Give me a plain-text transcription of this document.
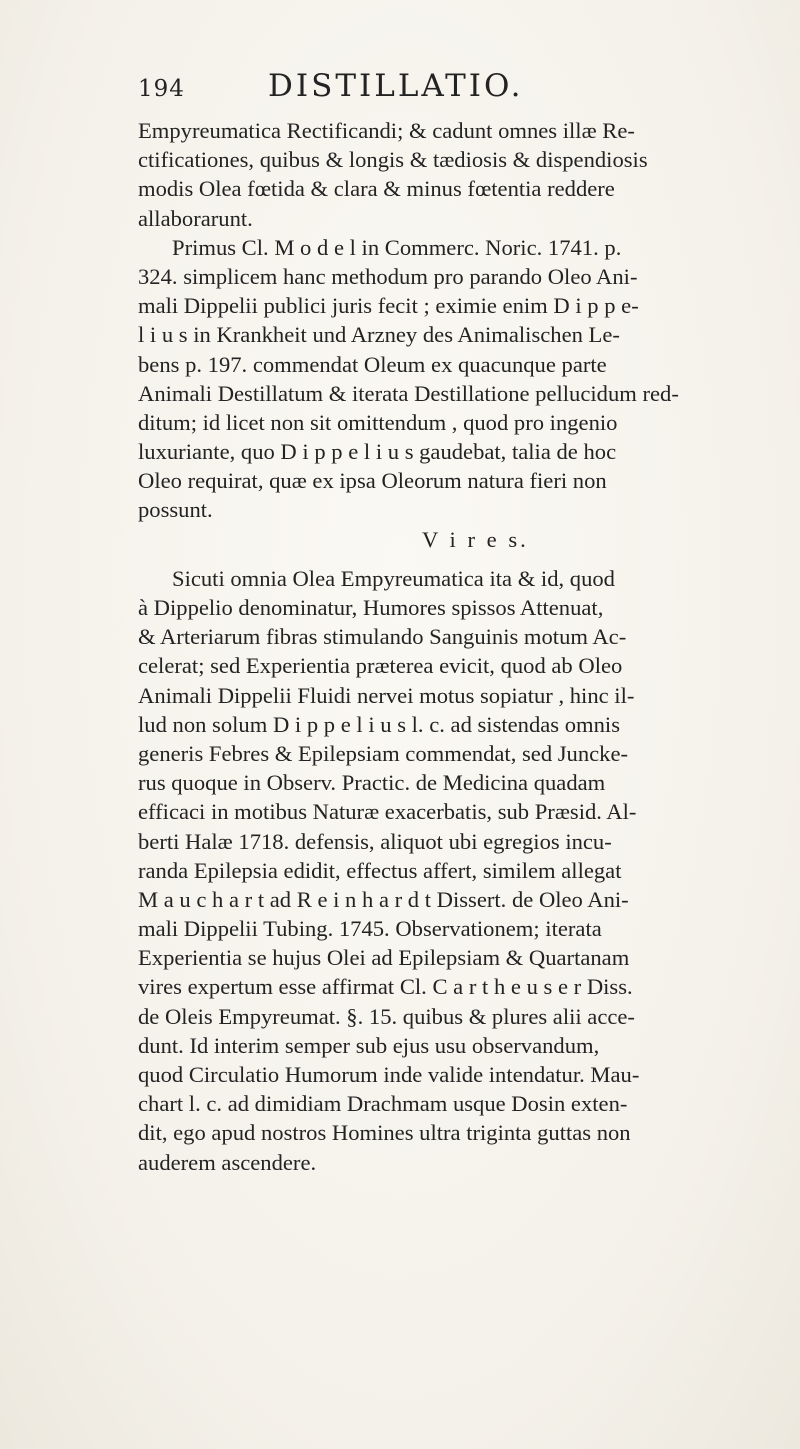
194	DISTILLATIO.
Empyreumatica Rectificandi; & cadunt omnes illæ Re-
ctificationes, quibus & longis & tædiosis & dispendiosis
modis Olea fœtida & clara & minus fœtentia reddere
allaborarunt.
Primus Cl. M o d e l in Commerc. Noric. 1741. p.
324. simplicem hanc methodum pro parando Oleo Ani-
mali Dippelii publici juris fecit ; eximie enim D i p p e-
l i u s in Krankheit und Arzney des Animalischen Le-
bens p. 197. commendat Oleum ex quacunque parte
Animali Destillatum & iterata Destillatione pellucidum red-
ditum; id licet non sit omittendum , quod pro ingenio
luxuriante, quo D i p p e l i u s gaudebat, talia de hoc
Oleo requirat, quæ ex ipsa Oleorum natura fieri non
possunt.
V i r e s.
Sicuti omnia Olea Empyreumatica ita & id, quod
à Dippelio denominatur, Humores spissos Attenuat,
& Arteriarum fibras stimulando Sanguinis motum Ac-
celerat; sed Experientia præterea evicit, quod ab Oleo
Animali Dippelii Fluidi nervei motus sopiatur , hinc il-
lud non solum D i p p e l i u s l. c. ad sistendas omnis
generis Febres & Epilepsiam commendat, sed Juncke-
rus quoque in Observ. Practic. de Medicina quadam
efficaci in motibus Naturæ exacerbatis, sub Præsid. Al-
berti Halæ 1718. defensis, aliquot ubi egregios incu-
randa Epilepsia edidit, effectus affert, similem allegat
M a u c h a r t ad R e i n h a r d t Dissert. de Oleo Ani-
mali Dippelii Tubing. 1745. Observationem; iterata
Experientia se hujus Olei ad Epilepsiam & Quartanam
vires expertum esse affirmat Cl. C a r t h e u s e r Diss.
de Oleis Empyreumat. §. 15. quibus & plures alii acce-
dunt. Id interim semper sub ejus usu observandum,
quod Circulatio Humorum inde valide intendatur. Mau-
chart l. c. ad dimidiam Drachmam usque Dosin exten-
dit, ego apud nostros Homines ultra triginta guttas non
auderem ascendere.
